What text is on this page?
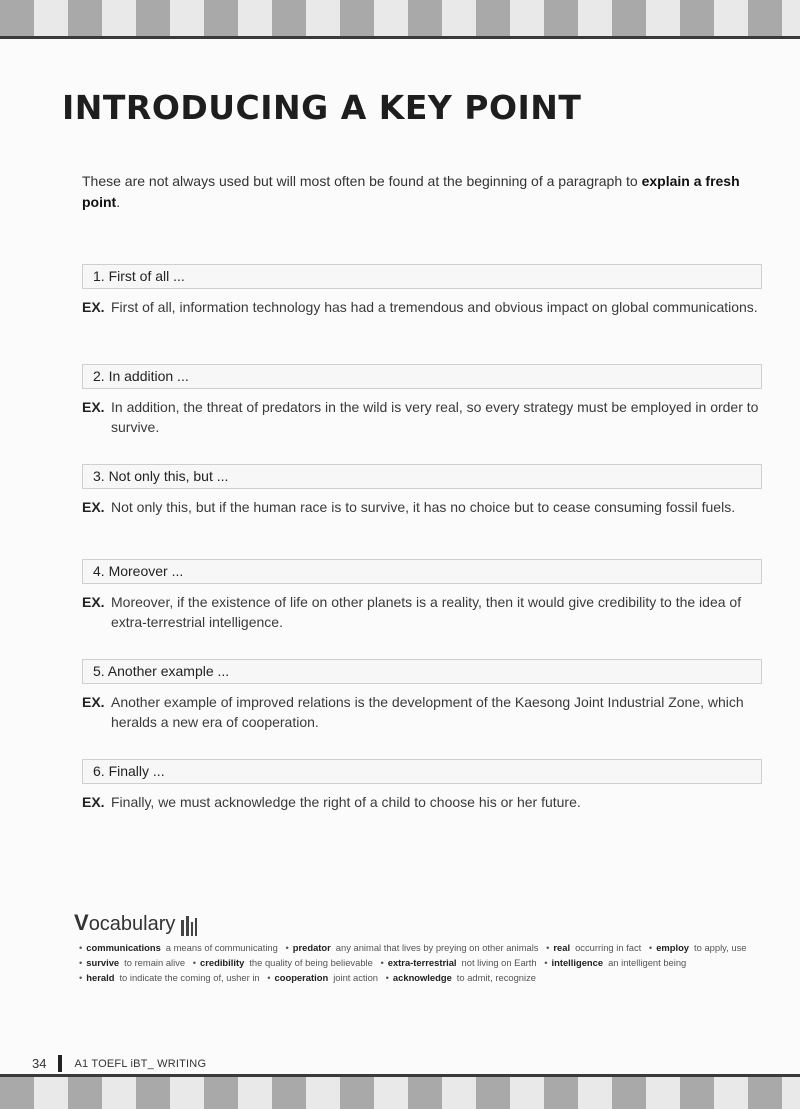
INTRODUCING A KEY POINT

These are not always used but will most often be found at the beginning of a paragraph to explain a fresh point.

1. First of all ...
EX. First of all, information technology has had a tremendous and obvious impact on global communications.
2. In addition ...
EX. In addition, the threat of predators in the wild is very real, so every strategy must be employed in order to survive.
3. Not only this, but ...
EX. Not only this, but if the human race is to survive, it has no choice but to cease consuming fossil fuels.
4. Moreover ...
EX. Moreover, if the existence of life on other planets is a reality, then it would give credibility to the idea of extra-terrestrial intelligence.
5. Another example ...
EX. Another example of improved relations is the development of the Kaesong Joint Industrial Zone, which heralds a new era of cooperation.
6. Finally ...
EX. Finally, we must acknowledge the right of a child to choose his or her future.
Vocabulary
• communications a means of communicating • predator any animal that lives by preying on other animals • real occurring in fact • employ to apply, use • survive to remain alive • credibility the quality of being believable • extra-terrestrial not living on Earth • intelligence an intelligent being • herald to indicate the coming of, usher in • cooperation joint action • acknowledge to admit, recognize
34	A1 TOEFL iBT_ WRITING
